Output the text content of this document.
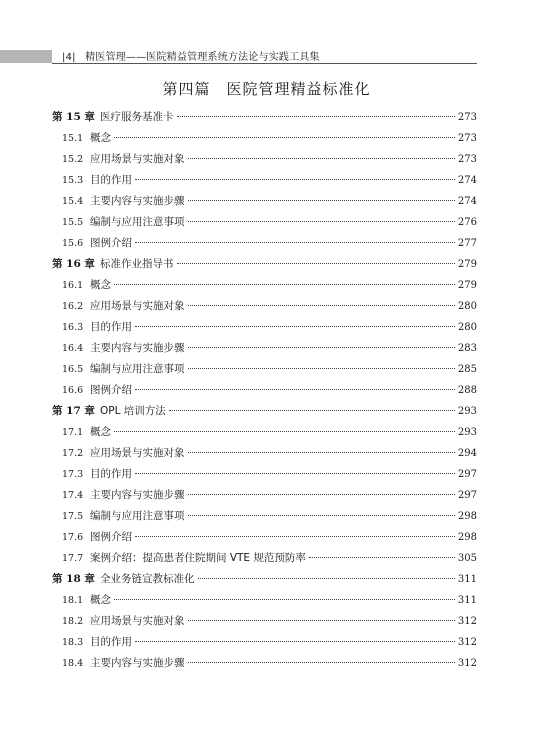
|4| 精医管理——医院精益管理系统方法论与实践工具集
第四篇　医院管理精益标准化
第 15 章 医疗服务基准卡	273
15.1 概念	273
15.2 应用场景与实施对象	273
15.3 目的作用	274
15.4 主要内容与实施步骤	274
15.5 编制与应用注意事项	276
15.6 图例介绍	277
第 16 章 标准作业指导书	279
16.1 概念	279
16.2 应用场景与实施对象	280
16.3 目的作用	280
16.4 主要内容与实施步骤	283
16.5 编制与应用注意事项	285
16.6 图例介绍	288
第 17 章 OPL 培训方法	293
17.1 概念	293
17.2 应用场景与实施对象	294
17.3 目的作用	297
17.4 主要内容与实施步骤	297
17.5 编制与应用注意事项	298
17.6 图例介绍	298
17.7 案例介绍：提高患者住院期间 VTE 规范预防率	305
第 18 章 全业务链宣教标准化	311
18.1 概念	311
18.2 应用场景与实施对象	312
18.3 目的作用	312
18.4 主要内容与实施步骤	312
